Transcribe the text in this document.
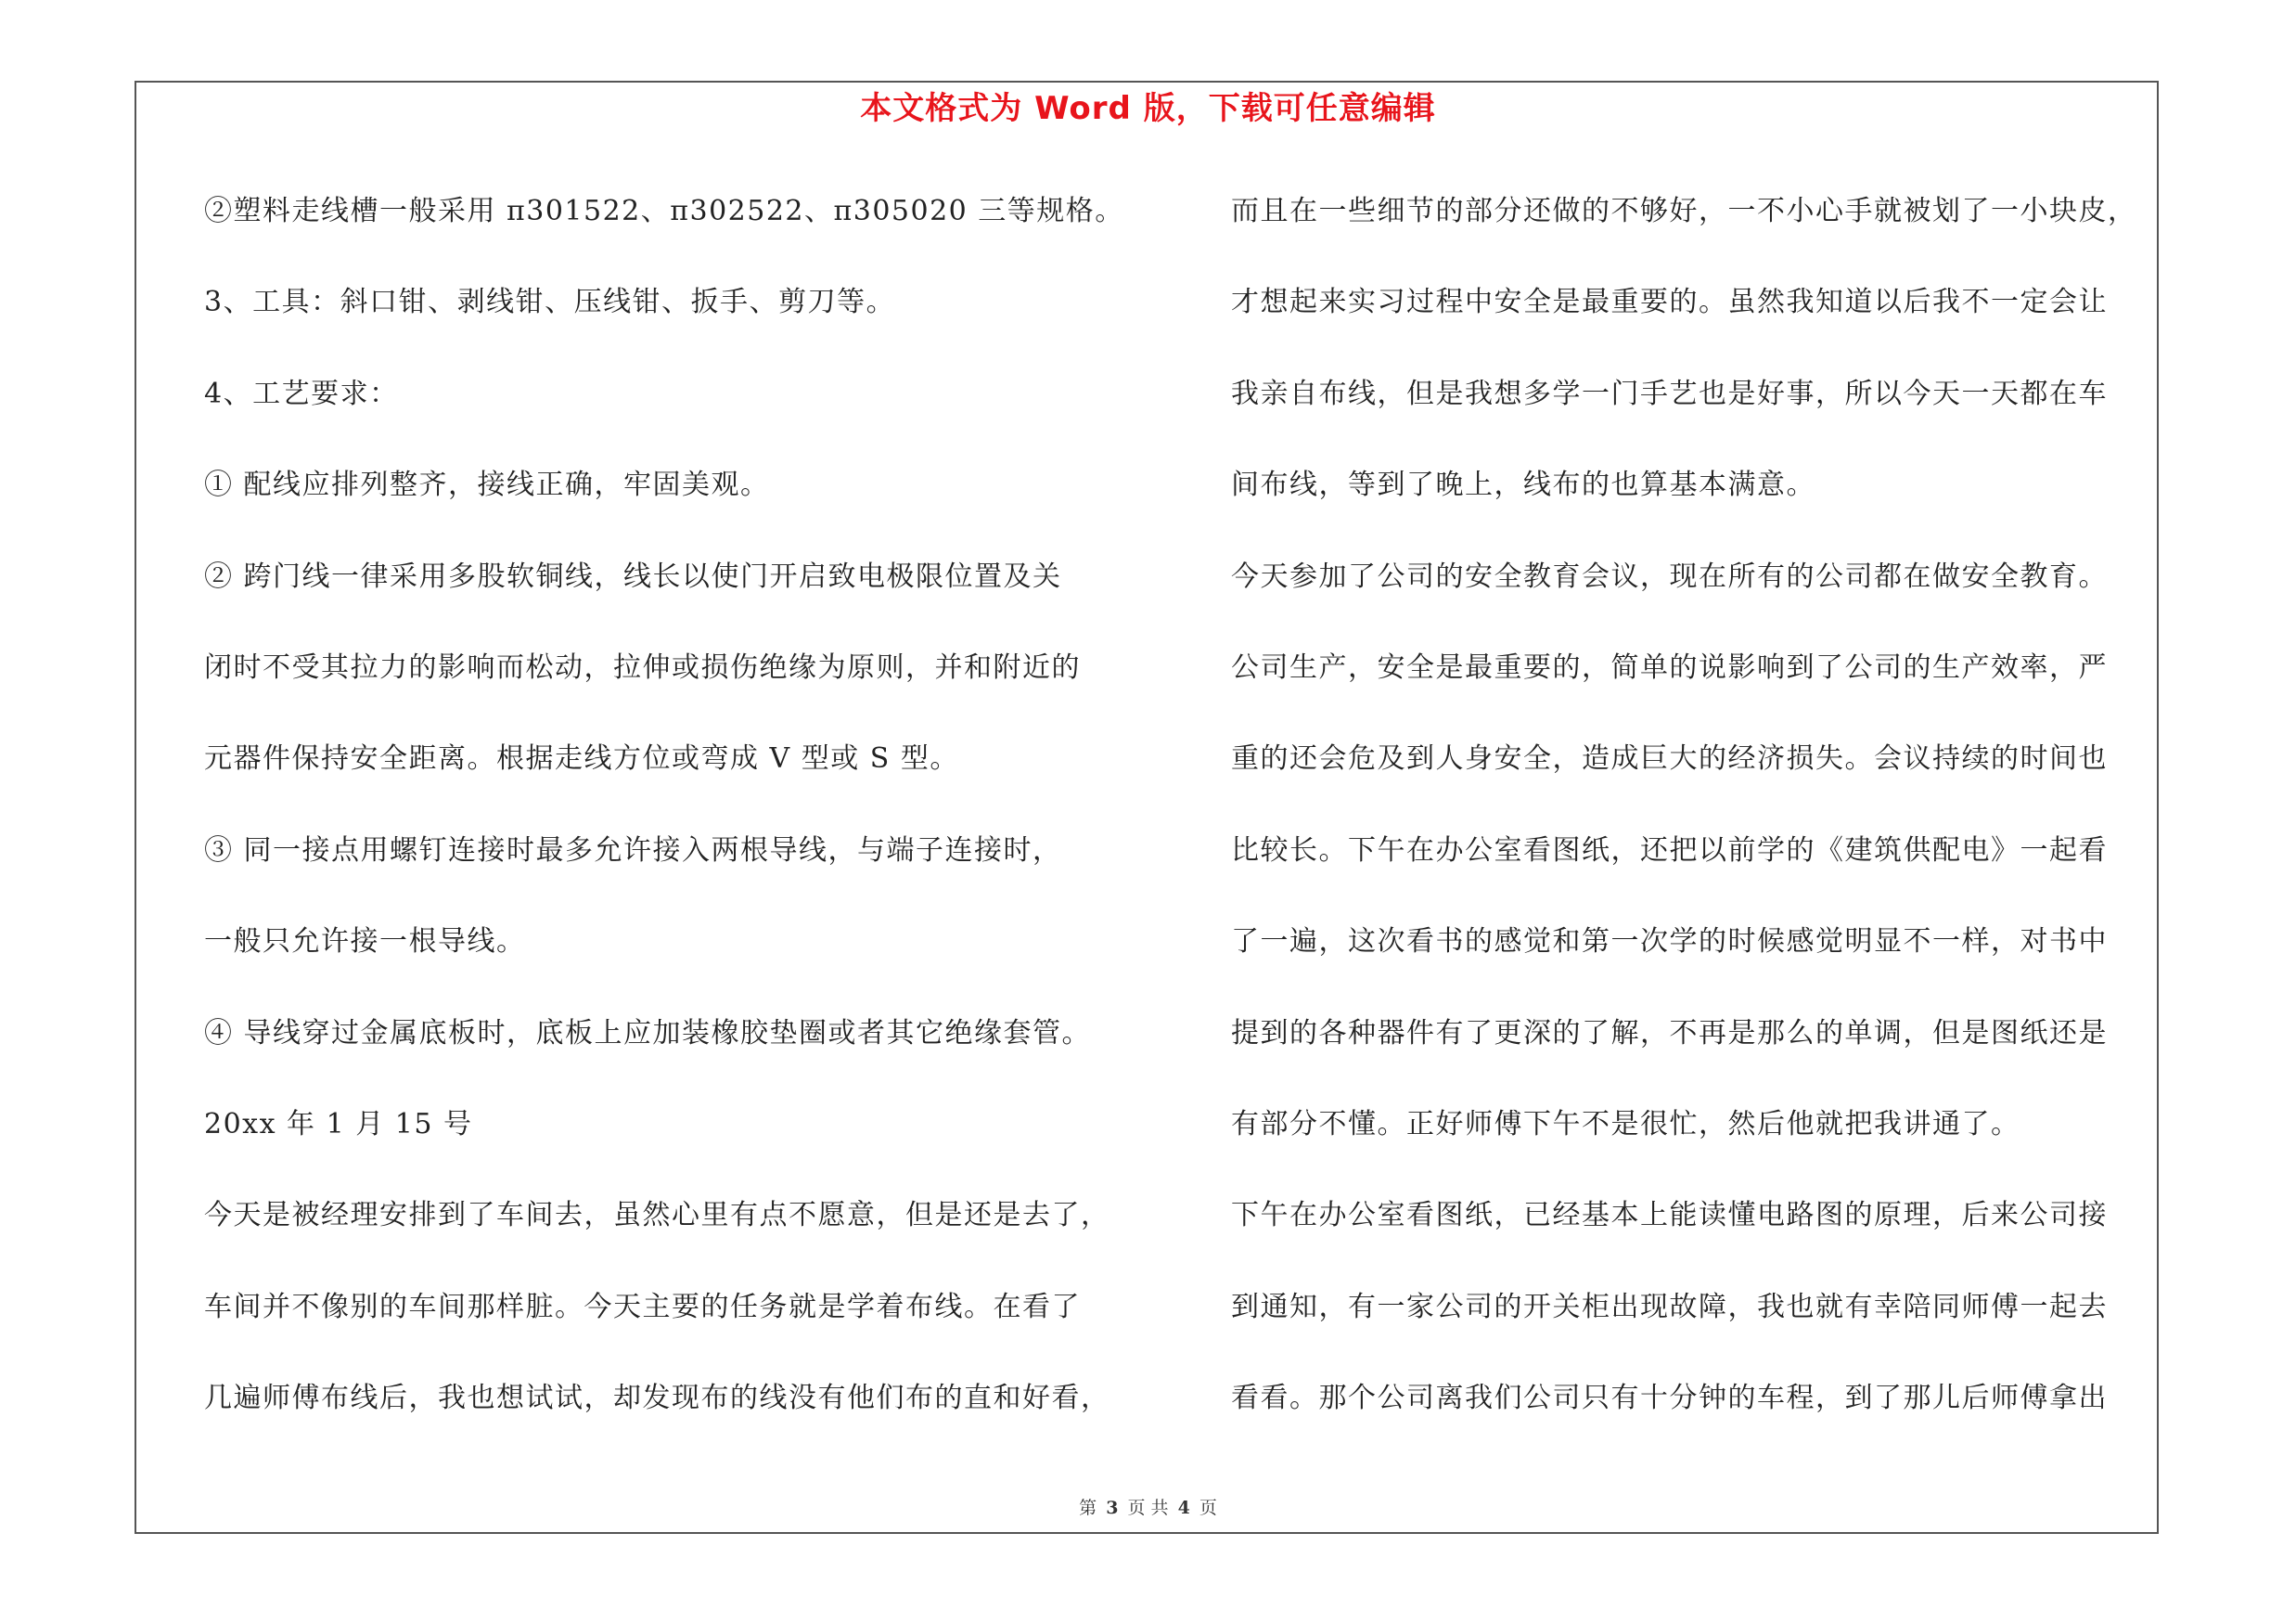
本文格式为 Word 版，下载可任意编辑
②塑料走线槽一般采用 π301522、π302522、π305020 三等规格。
3、工具：斜口钳、剥线钳、压线钳、扳手、剪刀等。
4、工艺要求：
① 配线应排列整齐，接线正确，牢固美观。
② 跨门线一律采用多股软铜线，线长以使门开启致电极限位置及关
闭时不受其拉力的影响而松动，拉伸或损伤绝缘为原则，并和附近的
元器件保持安全距离。根据走线方位或弯成 V 型或 S 型。
③ 同一接点用螺钉连接时最多允许接入两根导线，与端子连接时，
一般只允许接一根导线。
④ 导线穿过金属底板时，底板上应加装橡胶垫圈或者其它绝缘套管。
20xx 年 1 月 15 号
今天是被经理安排到了车间去，虽然心里有点不愿意，但是还是去了，
车间并不像别的车间那样脏。今天主要的任务就是学着布线。在看了
几遍师傅布线后，我也想试试，却发现布的线没有他们布的直和好看，
而且在一些细节的部分还做的不够好，一不小心手就被划了一小块皮，
才想起来实习过程中安全是最重要的。虽然我知道以后我不一定会让
我亲自布线，但是我想多学一门手艺也是好事，所以今天一天都在车
间布线，等到了晚上，线布的也算基本满意。
今天参加了公司的安全教育会议，现在所有的公司都在做安全教育。
公司生产，安全是最重要的，简单的说影响到了公司的生产效率，严
重的还会危及到人身安全，造成巨大的经济损失。会议持续的时间也
比较长。下午在办公室看图纸，还把以前学的《建筑供配电》一起看
了一遍，这次看书的感觉和第一次学的时候感觉明显不一样，对书中
提到的各种器件有了更深的了解，不再是那么的单调，但是图纸还是
有部分不懂。正好师傅下午不是很忙，然后他就把我讲通了。
下午在办公室看图纸，已经基本上能读懂电路图的原理，后来公司接
到通知，有一家公司的开关柜出现故障，我也就有幸陪同师傅一起去
看看。那个公司离我们公司只有十分钟的车程，到了那儿后师傅拿出
第 3 页 共 4 页
